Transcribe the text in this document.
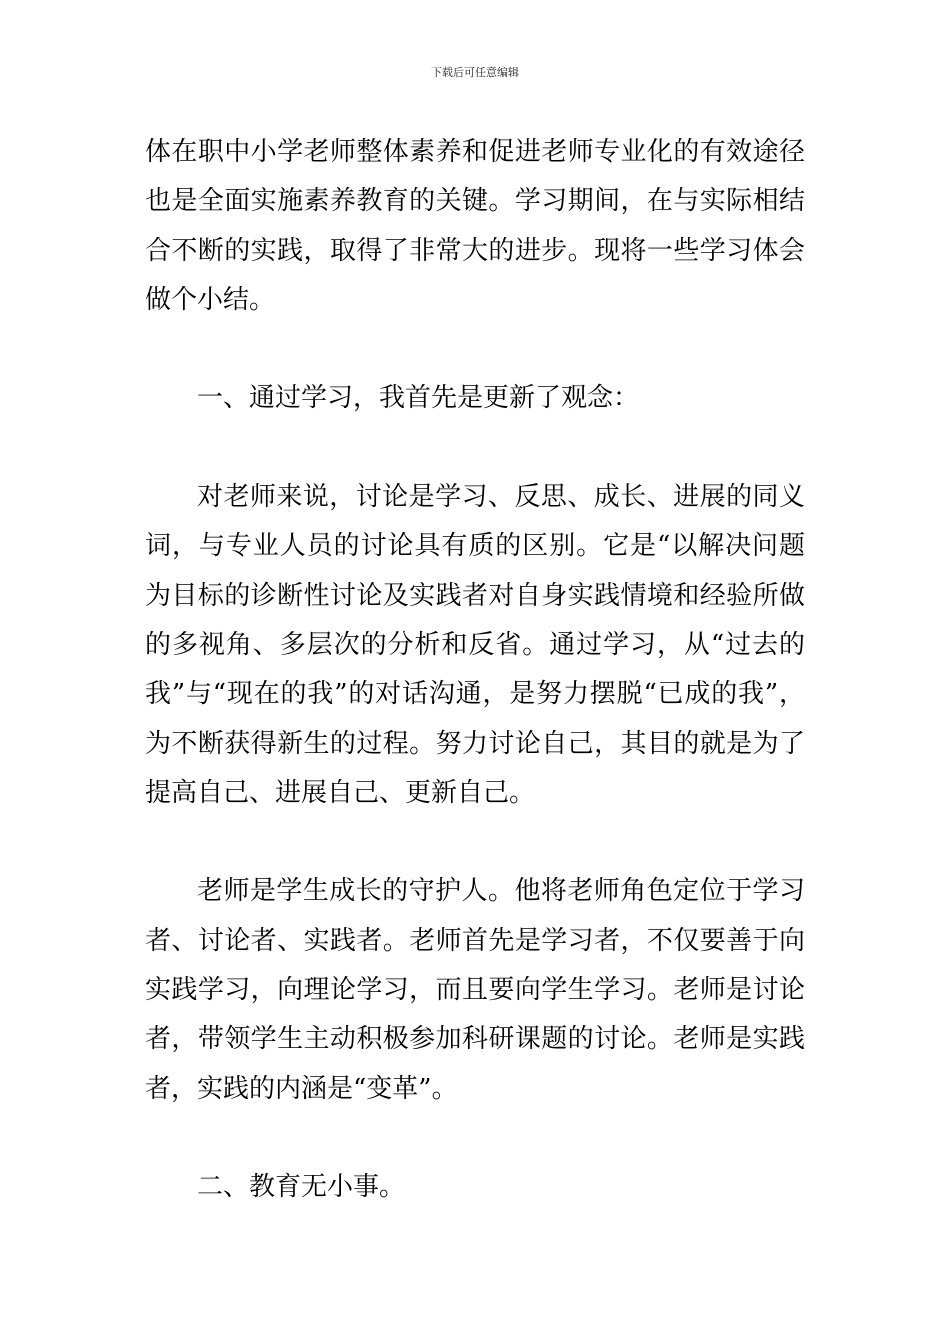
下载后可任意编辑

体在职中小学老师整体素养和促进老师专业化的有效途径也是全面实施素养教育的关键。学习期间，在与实际相结合不断的实践，取得了非常大的进步。现将一些学习体会做个小结。

一、通过学习，我首先是更新了观念：

对老师来说，讨论是学习、反思、成长、进展的同义词，与专业人员的讨论具有质的区别。它是“以解决问题为目标的诊断性讨论及实践者对自身实践情境和经验所做的多视角、多层次的分析和反省。通过学习，从“过去的我”与“现在的我”的对话沟通，是努力摆脱“已成的我”，为不断获得新生的过程。努力讨论自己，其目的就是为了提高自己、进展自己、更新自己。

老师是学生成长的守护人。他将老师角色定位于学习者、讨论者、实践者。老师首先是学习者，不仅要善于向实践学习，向理论学习，而且要向学生学习。老师是讨论者，带领学生主动积极参加科研课题的讨论。老师是实践者，实践的内涵是“变革”。

二、教育无小事。
